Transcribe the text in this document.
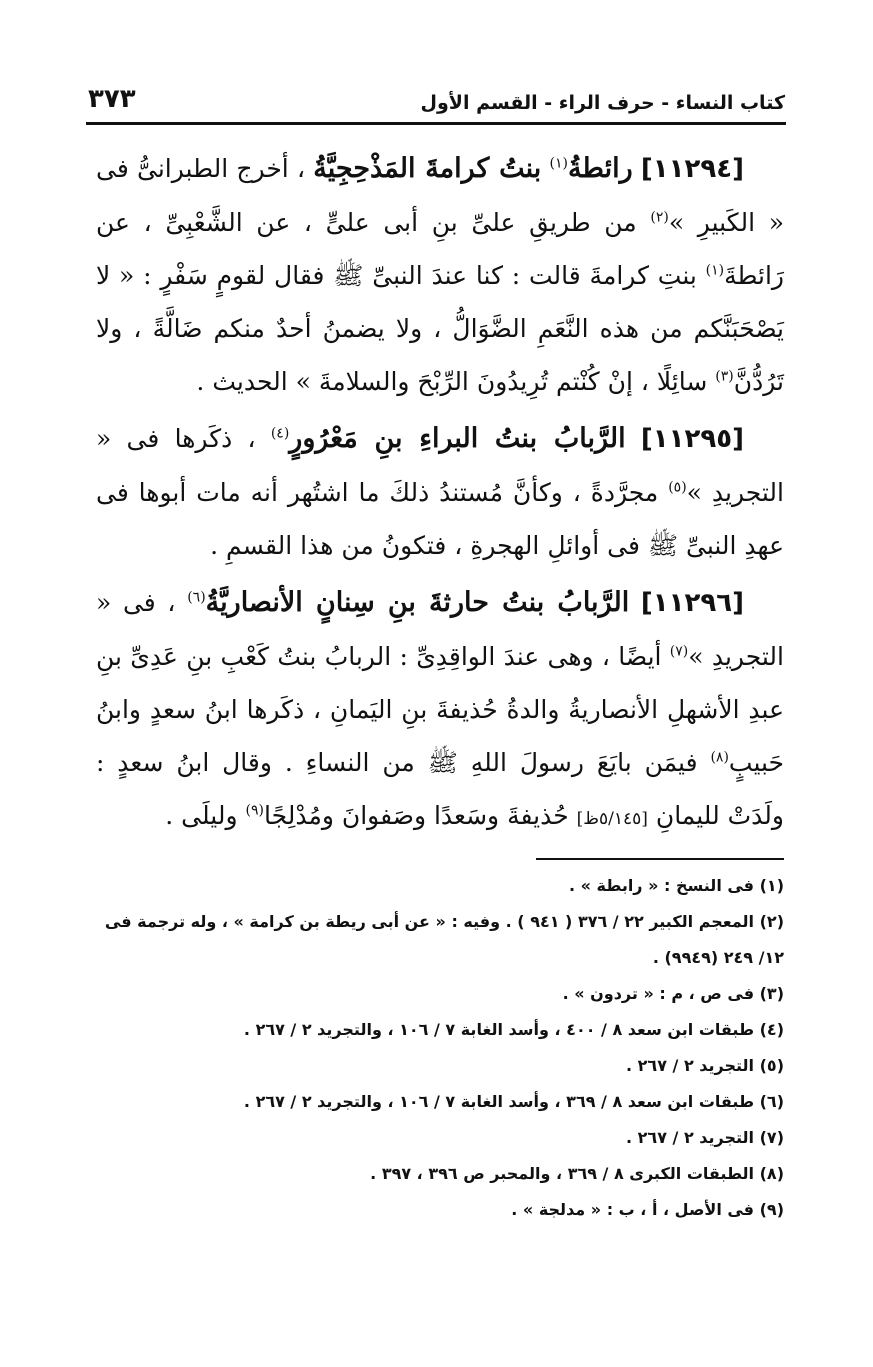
كتاب النساء - حرف الراء - القسم الأول
٣٧٣

[١١٢٩٤] رائطةُ$^{(١)}$ بنتُ كرامةَ المَذْحِجِيَّةُ ، أخرج الطبرانىُّ فى « الكَبيرِ »$^{(٢)}$ من طريقِ علىِّ بنِ أبى علىٍّ ، عن الشَّعْبِىِّ ، عن رَائطةَ$^{(١)}$ بنتِ كرامةَ قالت : كنا عندَ النبىِّ ﷺ فقال لقومٍ سَفْرٍ : « لا يَصْحَبَنَّكم من هذه النَّعَمِ الضَّوَالُّ ، ولا يضمنُ أحدٌ منكم ضَالَّةً ، ولا تَرُدُّنَّ$^{(٣)}$ سائِلًا ، إنْ كُنْتم تُرِيدُونَ الرِّبْحَ والسلامةَ » الحديث .

[١١٢٩٥] الرَّبابُ بنتُ البراءِ بنِ مَعْرُورٍ$^{(٤)}$ ، ذكَرها فى « التجريدِ »$^{(٥)}$ مجرَّدةً ، وكأنَّ مُستندُ ذلكَ ما اشتُهر أنه مات أبوها فى عهدِ النبىِّ ﷺ فى أوائلِ الهجرةِ ، فتكونُ من هذا القسمِ .

[١١٢٩٦] الرَّبابُ بنتُ حارثةَ بنِ سِنانٍ الأنصاريَّةُ$^{(٦)}$ ، فى « التجريدِ »$^{(٧)}$ أيضًا ، وهى عندَ الواقِدِىِّ : الربابُ بنتُ كَعْبِ بنِ عَدِىِّ بنِ عبدِ الأشهلِ الأنصاريةُ والدةُ حُذيفةَ بنِ اليَمانِ ، ذكَرها ابنُ سعدٍ وابنُ حَبيبٍ$^{(٨)}$ فيمَن بايَعَ رسولَ اللهِ ﷺ من النساءِ . وقال ابنُ سعدٍ : ولَدَتْ لليمانِ [٥/١٤٥ظ] حُذيفةَ وسَعدًا وصَفوانَ ومُدْلِجًا$^{(٩)}$ وليلَى .

(١) فى النسخ : « رابطة » .

(٢) المعجم الكبير ٢٢ / ٣٧٦ ( ٩٤١ ) . وفيه : « عن أبى ريطة بن كرامة » ، وله ترجمة فى ١٢/ ٢٤٩ (٩٩٤٩) .

(٣) فى ص ، م : « تردون » .

(٤) طبقات ابن سعد ٨ / ٤٠٠ ، وأسد الغابة ٧ / ١٠٦ ، والتجريد ٢ / ٢٦٧ .

(٥) التجريد ٢ / ٢٦٧ .

(٦) طبقات ابن سعد ٨ / ٣٦٩ ، وأسد الغابة ٧ / ١٠٦ ، والتجريد ٢ / ٢٦٧ .

(٧) التجريد ٢ / ٢٦٧ .

(٨) الطبقات الكبرى ٨ / ٣٦٩ ، والمحبر ص ٣٩٦ ، ٣٩٧ .

(٩) فى الأصل ، أ ، ب : « مدلجة » .
